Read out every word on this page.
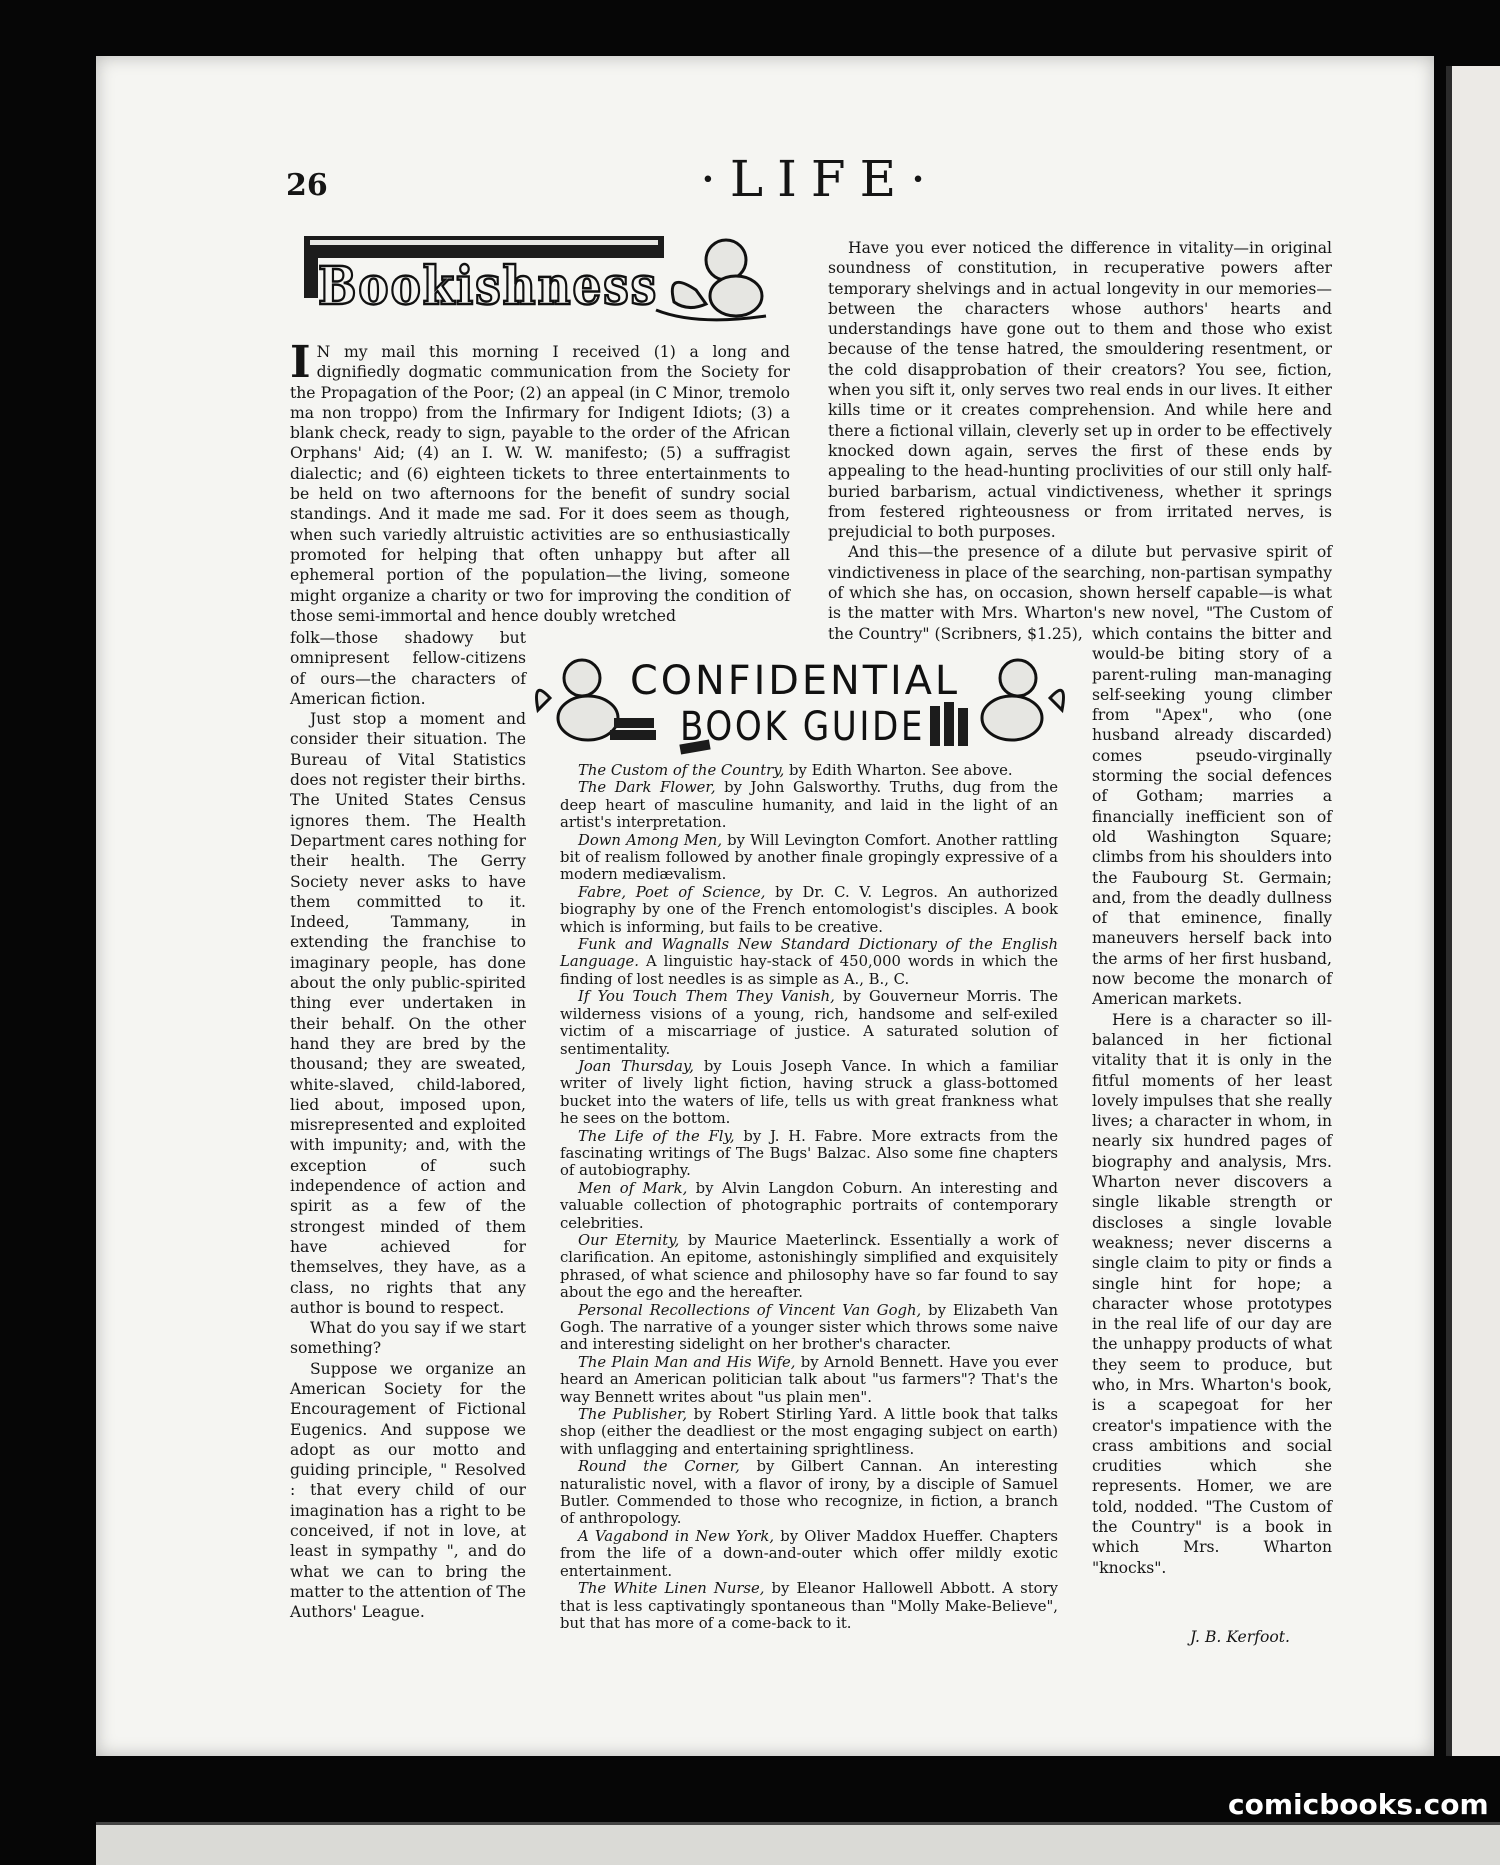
26	·LIFE·
Bookishness
CONFIDENTIAL
BOOK GUIDE

I N my mail this morning I received (1) a long and dignifiedly dogmatic communication from the Society for the Propagation of the Poor; (2) an appeal (in C Minor, tremolo ma non troppo) from the Infirmary for Indigent Idiots; (3) a blank check, ready to sign, payable to the order of the African Orphans' Aid; (4) an I. W. W. manifesto; (5) a suffragist dialectic; and (6) eighteen tickets to three entertainments to be held on two afternoons for the benefit of sundry social standings. And it made me sad. For it does seem as though, when such variedly altruistic activities are so enthusiastically promoted for helping that often unhappy but after all ephemeral portion of the population—the living, someone might organize a charity or two for improving the condition of those semi-immortal and hence doubly wretched

folk—those shadowy but omnipresent fellow-citizens of ours—the characters of American fiction.

Just stop a moment and consider their situation. The Bureau of Vital Statistics does not register their births. The United States Census ignores them. The Health Department cares nothing for their health. The Gerry Society never asks to have them committed to it. Indeed, Tammany, in extending the franchise to imaginary people, has done about the only public-spirited thing ever undertaken in their behalf. On the other hand they are bred by the thousand; they are sweated, white-slaved, child-labored, lied about, imposed upon, misrepresented and exploited with impunity; and, with the exception of such independence of action and spirit as a few of the strongest minded of them have achieved for themselves, they have, as a class, no rights that any author is bound to respect.

What do you say if we start something?

Suppose we organize an American Society for the Encouragement of Fictional Eugenics. And suppose we adopt as our motto and guiding principle, " Resolved : that every child of our imagination has a right to be conceived, if not in love, at least in sympathy ", and do what we can to bring the matter to the attention of The Authors' League.

The Custom of the Country, by Edith Wharton. See above.

The Dark Flower, by John Galsworthy. Truths, dug from the deep heart of masculine humanity, and laid in the light of an artist's interpretation.

Down Among Men, by Will Levington Comfort. Another rattling bit of realism followed by another finale gropingly expressive of a modern mediævalism.

Fabre, Poet of Science, by Dr. C. V. Legros. An authorized biography by one of the French entomologist's disciples. A book which is informing, but fails to be creative.

Funk and Wagnalls New Standard Dictionary of the English Language. A linguistic hay-stack of 450,000 words in which the finding of lost needles is as simple as A., B., C.

If You Touch Them They Vanish, by Gouverneur Morris. The wilderness visions of a young, rich, handsome and self-exiled victim of a miscarriage of justice. A saturated solution of sentimentality.

Joan Thursday, by Louis Joseph Vance. In which a familiar writer of lively light fiction, having struck a glass-bottomed bucket into the waters of life, tells us with great frankness what he sees on the bottom.

The Life of the Fly, by J. H. Fabre. More extracts from the fascinating writings of The Bugs' Balzac. Also some fine chapters of autobiography.

Men of Mark, by Alvin Langdon Coburn. An interesting and valuable collection of photographic portraits of contemporary celebrities.

Our Eternity, by Maurice Maeterlinck. Essentially a work of clarification. An epitome, astonishingly simplified and exquisitely phrased, of what science and philosophy have so far found to say about the ego and the hereafter.

Personal Recollections of Vincent Van Gogh, by Elizabeth Van Gogh. The narrative of a younger sister which throws some naive and interesting sidelight on her brother's character.

The Plain Man and His Wife, by Arnold Bennett. Have you ever heard an American politician talk about "us farmers"? That's the way Bennett writes about "us plain men".

The Publisher, by Robert Stirling Yard. A little book that talks shop (either the deadliest or the most engaging subject on earth) with unflagging and entertaining sprightliness.

Round the Corner, by Gilbert Cannan. An interesting naturalistic novel, with a flavor of irony, by a disciple of Samuel Butler. Commended to those who recognize, in fiction, a branch of anthropology.

A Vagabond in New York, by Oliver Maddox Hueffer. Chapters from the life of a down-and-outer which offer mildly exotic entertainment.

The White Linen Nurse, by Eleanor Hallowell Abbott. A story that is less captivatingly spontaneous than "Molly Make-Believe", but that has more of a come-back to it.

Have you ever noticed the difference in vitality—in original soundness of constitution, in recuperative powers after temporary shelvings and in actual longevity in our memories—between the characters whose authors' hearts and understandings have gone out to them and those who exist because of the tense hatred, the smouldering resentment, or the cold disapprobation of their creators? You see, fiction, when you sift it, only serves two real ends in our lives. It either kills time or it creates comprehension. And while here and there a fictional villain, cleverly set up in order to be effectively knocked down again, serves the first of these ends by appealing to the head-hunting proclivities of our still only half-buried barbarism, actual vindictiveness, whether it springs from festered righteousness or from irritated nerves, is prejudicial to both purposes.

And this—the presence of a dilute but pervasive spirit of vindictiveness in place of the searching, non-partisan sympathy of which she has, on occasion, shown herself capable—is what is the matter with Mrs. Wharton's new novel, "The Custom of the Country" (Scribners, $1.25), which contains the bitter and would-be biting story of a parent-ruling man-managing self-seeking young climber from "Apex", who (one husband already discarded) comes pseudo-virginally storming the social defences of Gotham; marries a financially inefficient son of old Washington Square; climbs from his shoulders into the Faubourg St. Germain; and, from the deadly dullness of that eminence, finally maneuvers herself back into the arms of her first husband, now become the monarch of American markets.

Here is a character so ill-balanced in her fictional vitality that it is only in the fitful moments of her least lovely impulses that she really lives; a character in whom, in nearly six hundred pages of biography and analysis, Mrs. Wharton never discovers a single likable strength or discloses a single lovable weakness; never discerns a single claim to pity or finds a single hint for hope; a character whose prototypes in the real life of our day are the unhappy products of what they seem to produce, but who, in Mrs. Wharton's book, is a scapegoat for her creator's impatience with the crass ambitions and social crudities which she represents. Homer, we are told, nodded. "The Custom of the Country" is a book in which Mrs. Wharton "knocks".

J. B. Kerfoot.
comicbooks.com
